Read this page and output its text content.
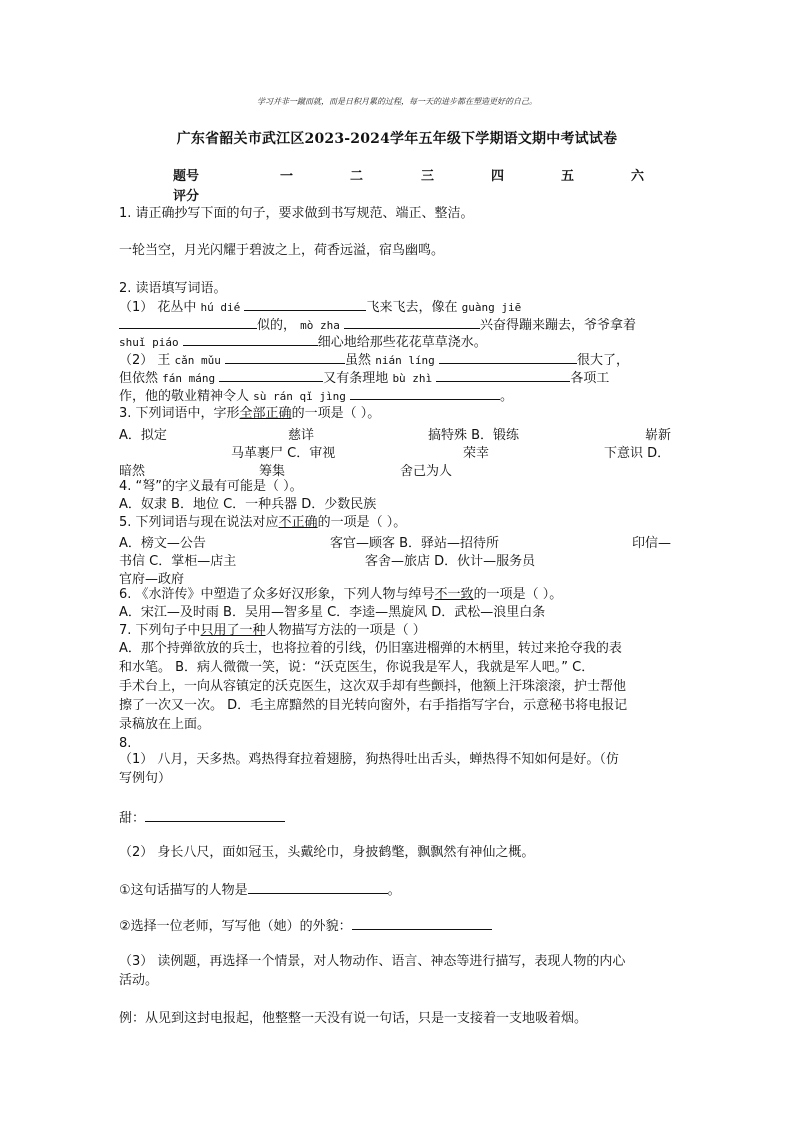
学习并非一蹴而就，而是日积月累的过程，每一天的进步都在塑造更好的自己。
广东省韶关市武江区2023-2024学年五年级下学期语文期中考试试卷
题号	一	二	三	四	五	六
评分
1. 请正确抄写下面的句子，要求做到书写规范、端正、整洁。
一轮当空，月光闪耀于碧波之上，荷香远溢，宿鸟幽鸣。
2. 读语填写词语。
（1） 花丛中 hú dié	飞来飞去，像在 guàng jiē
似的， mò zha	兴奋得蹦来蹦去，爷爷拿着
shuǐ piáo	细心地给那些花花草草浇水。
（2） 王 cǎn mǔu	虽然 nián líng	很大了，
但依然 fán máng	又有条理地 bù zhì	各项工
作，他的敬业精神令人 sù rán qǐ jìng	。
3. 下列词语中，字形全部正确的一项是（ ）。
A．拟定	慈详	搞特殊 B．锻练	崭新
马革裹尸 C．审视	荣幸	下意识 D．
暗然	筹集	舍己为人
4. “弩”的字义最有可能是（ ）。
A．奴隶 B．地位 C．一种兵器 D．少数民族
5. 下列词语与现在说法对应不正确的一项是（ ）。
A．榜文—公告	客官—顾客 B．驿站—招待所	印信—
书信 C．掌柜—店主	客舍—旅店 D．伙计—服务员
官府—政府
6. 《水浒传》中塑造了众多好汉形象，下列人物与绰号不一致的一项是（ ）。
A．宋江—及时雨 B．吴用—智多星 C．李逵—黑旋风 D．武松—浪里白条
7. 下列句子中只用了一种人物描写方法的一项是（ ）
A．那个持弹欲放的兵士，也将拉着的引线，仍旧塞进榴弹的木柄里，转过来抢夺我的表
和水笔。 B．病人微微一笑，说：“沃克医生，你说我是军人，我就是军人吧。” C．
手术台上，一向从容镇定的沃克医生，这次双手却有些颤抖，他额上汗珠滚滚，护士帮他
擦了一次又一次。 D．毛主席黯然的目光转向窗外，右手指指写字台，示意秘书将电报记
录稿放在上面。
8.
（1） 八月，天多热。鸡热得耷拉着翅膀，狗热得吐出舌头，蝉热得不知如何是好。（仿
写例句）
甜：
（2） 身长八尺，面如冠玉，头戴纶巾，身披鹤氅，飘飘然有神仙之概。
①这句话描写的人物是	。
②选择一位老师，写写他（她）的外貌：
（3） 读例题，再选择一个情景，对人物动作、语言、神态等进行描写，表现人物的内心
活动。
例：从见到这封电报起，他整整一天没有说一句话，只是一支接着一支地吸着烟。
